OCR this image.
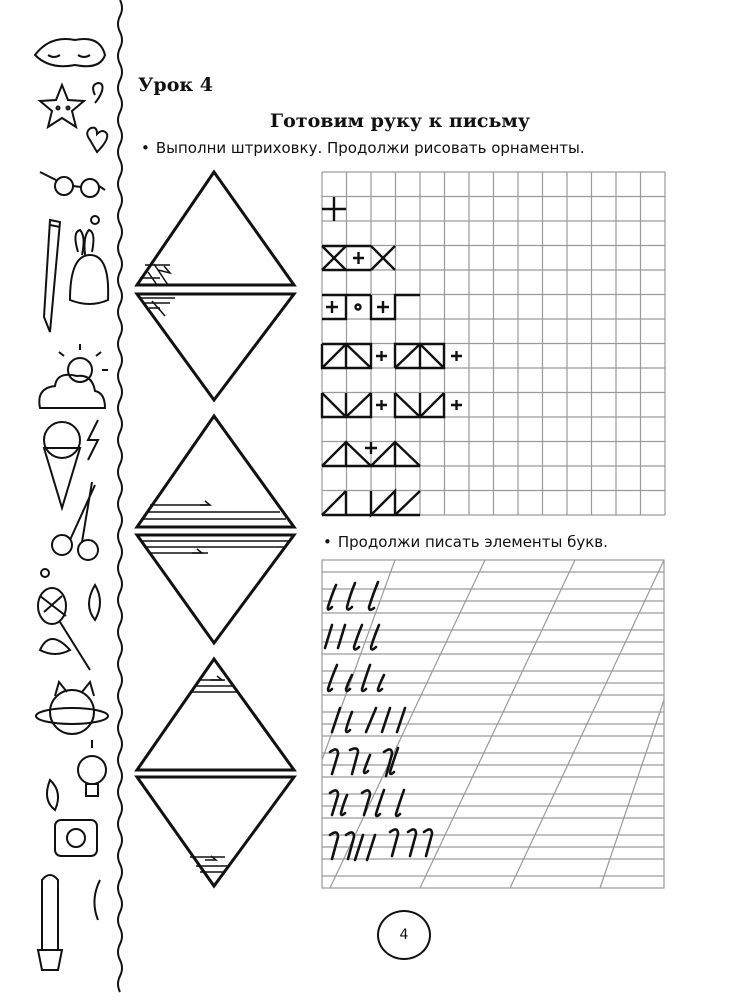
Урок 4
Готовим руку к письму
• Выполни штриховку. Продолжи рисовать орнаменты.
• Продолжи писать элементы букв.
4
